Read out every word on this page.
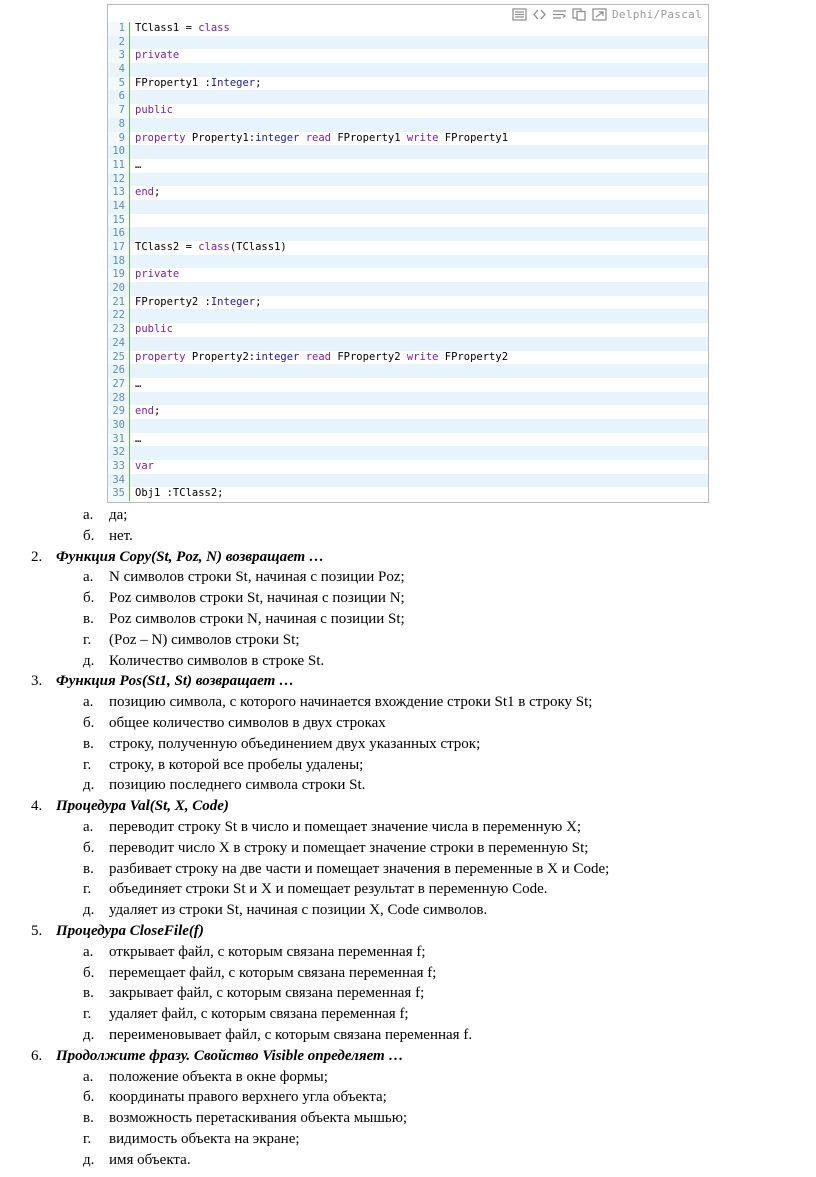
Delphi/Pascal
1 TClass1 = class
2
3 private
4
5 FProperty1 :Integer;
6
7 public
8
9 property Property1:integer read FProperty1 write FProperty1
10
11 …
12
13 end;
14
15
16
17 TClass2 = class(TClass1)
18
19 private
20
21 FProperty2 :Integer;
22
23 public
24
25 property Property2:integer read FProperty2 write FProperty2
26
27 …
28
29 end;
30
31 …
32
33 var
34
35 Obj1 :TClass2;
а.	да;
б. нет.
2. Функция Copy(St, Poz, N) возвращает …
а.	N символов строки St, начиная с позиции Poz;
б. Poz символов строки St, начиная с позиции N;
в.	Poz символов строки N, начиная с позиции St;
г.	(Poz – N) символов строки St;
д. Количество символов в строке St.
3. Функция Pos(St1, St) возвращает …
а.	позицию символа, с которого начинается вхождение строки St1 в строку St;
б. общее количество символов в двух строках
в.	строку, полученную объединением двух указанных строк;
г.	строку, в которой все пробелы удалены;
д. позицию последнего символа строки St.
4. Процедура Val(St, X, Code)
а.	переводит строку St в число и помещает значение числа в переменную X;
б. переводит число X в строку и помещает значение строки в переменную St;
в.	разбивает строку на две части и помещает значения в переменные в X и Code;
г.	объединяет строки St и X и помещает результат в переменную Code.
д. удаляет из строки St, начиная с позиции X, Code символов.
5. Процедура CloseFile(f)
а.	открывает файл, с которым связана переменная f;
б. перемещает файл, с которым связана переменная f;
в.	закрывает файл, с которым связана переменная f;
г.	удаляет файл, с которым связана переменная f;
д. переименовывает файл, с которым связана переменная f.
6. Продолжите фразу. Свойство Visible определяет …
а.	положение объекта в окне формы;
б. координаты правого верхнего угла объекта;
в.	возможность перетаскивания объекта мышью;
г.	видимость объекта на экране;
д. имя объекта.
